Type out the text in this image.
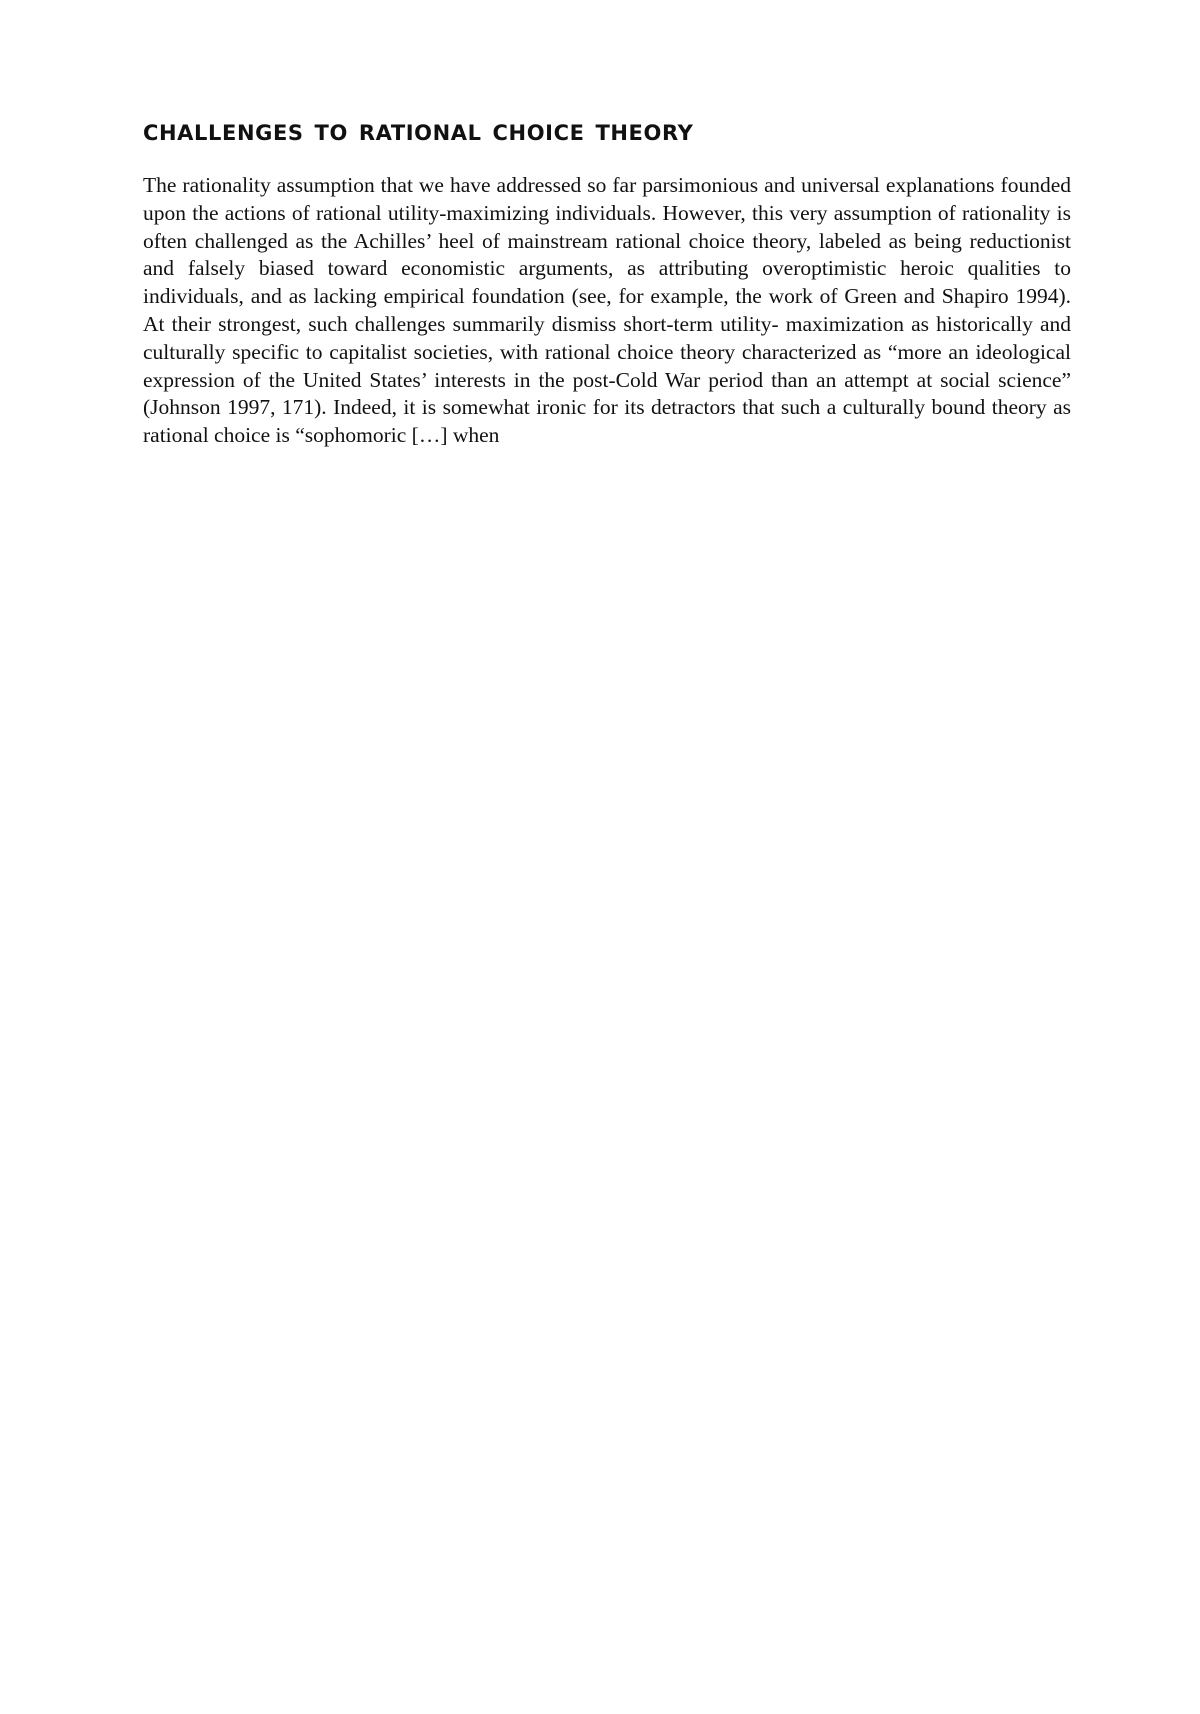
CHALLENGES TO RATIONAL CHOICE THEORY

The rationality assumption that we have addressed so far parsimonious and universal explanations founded upon the actions of rational utility-maximizing individuals. However, this very assumption of rationality is often challenged as the Achilles’ heel of mainstream rational choice theory, labeled as being reductionist and falsely biased toward economistic arguments, as attributing overoptimistic heroic qualities to individuals, and as lacking empirical foundation (see, for example, the work of Green and Shapiro 1994). At their strongest, such challenges summarily dismiss short-term utility- maximization as historically and culturally specific to capitalist societies, with rational choice theory characterized as “more an ideological expression of the United States’ interests in the post-Cold War period than an attempt at social science” (Johnson 1997, 171). Indeed, it is somewhat ironic for its detractors that such a culturally bound theory as rational choice is “sophomoric […] when
